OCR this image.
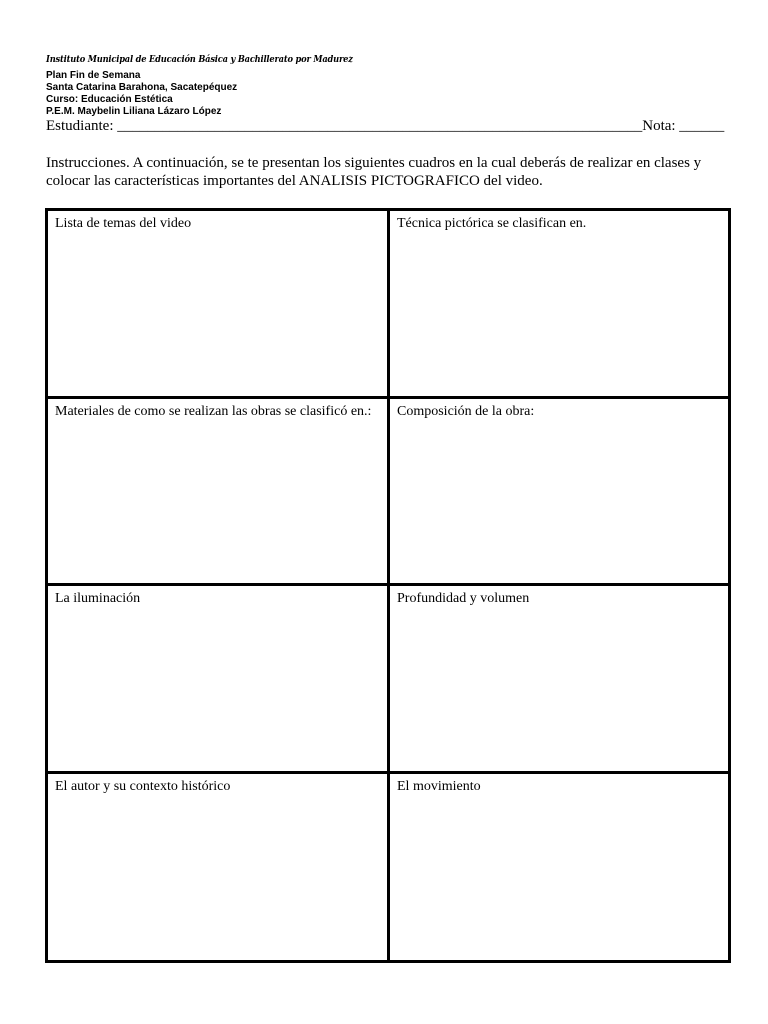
Instituto Municipal de Educación Básica y Bachillerato por Madurez
Plan Fin de Semana
Santa Catarina Barahona, Sacatepéquez
Curso: Educación Estética
P.E.M. Maybelin Liliana Lázaro López
Estudiante: ______________________________________________________________________Nota: ______
Instrucciones. A continuación, se te presentan los siguientes cuadros en la cual deberás de realizar en clases y colocar las características importantes del ANALISIS PICTOGRAFICO del video.
Lista de temas del video	Técnica pictórica se clasifican en.
Materiales de como se realizan las obras se clasificó en.:	Composición de la obra:
La iluminación	Profundidad y volumen
El autor y su contexto histórico	El movimiento
